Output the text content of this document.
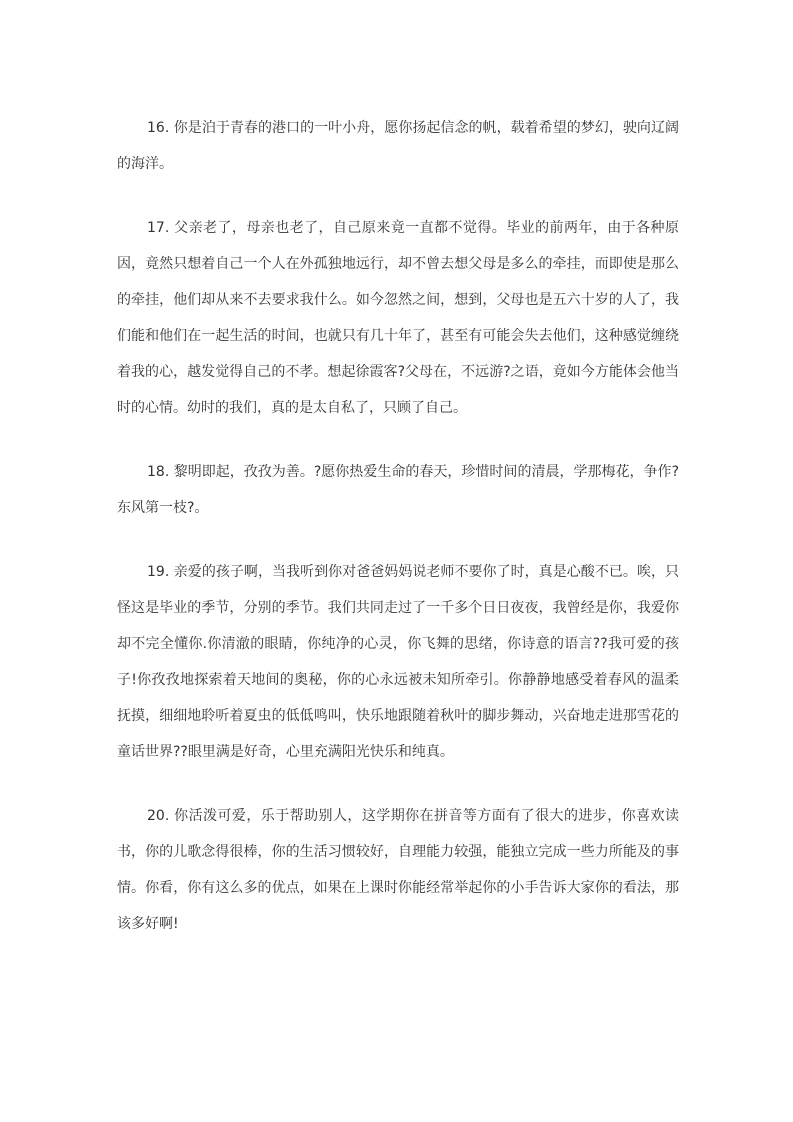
16. 你是泊于青春的港口的一叶小舟，愿你扬起信念的帆，载着希望的梦幻，驶向辽阔的海洋。

17. 父亲老了，母亲也老了，自己原来竟一直都不觉得。毕业的前两年，由于各种原因，竟然只想着自己一个人在外孤独地远行，却不曾去想父母是多么的牵挂，而即使是那么的牵挂，他们却从来不去要求我什么。如今忽然之间，想到，父母也是五六十岁的人了，我们能和他们在一起生活的时间，也就只有几十年了，甚至有可能会失去他们，这种感觉缠绕着我的心，越发觉得自己的不孝。想起徐霞客?父母在，不远游?之语，竟如今方能体会他当时的心情。幼时的我们，真的是太自私了，只顾了自己。

18. 黎明即起，孜孜为善。?愿你热爱生命的春天，珍惜时间的清晨，学那梅花，争作?东风第一枝?。

19. 亲爱的孩子啊，当我听到你对爸爸妈妈说老师不要你了时，真是心酸不已。唉，只怪这是毕业的季节，分别的季节。我们共同走过了一千多个日日夜夜，我曾经是你，我爱你却不完全懂你.你清澈的眼睛，你纯净的心灵，你飞舞的思绪，你诗意的语言??我可爱的孩子!你孜孜地探索着天地间的奥秘，你的心永远被未知所牵引。你静静地感受着春风的温柔抚摸，细细地聆听着夏虫的低低鸣叫，快乐地跟随着秋叶的脚步舞动，兴奋地走进那雪花的童话世界??眼里满是好奇，心里充满阳光快乐和纯真。

20. 你活泼可爱，乐于帮助别人，这学期你在拼音等方面有了很大的进步，你喜欢读书，你的儿歌念得很棒，你的生活习惯较好，自理能力较强，能独立完成一些力所能及的事情。你看，你有这么多的优点，如果在上课时你能经常举起你的小手告诉大家你的看法，那该多好啊!
